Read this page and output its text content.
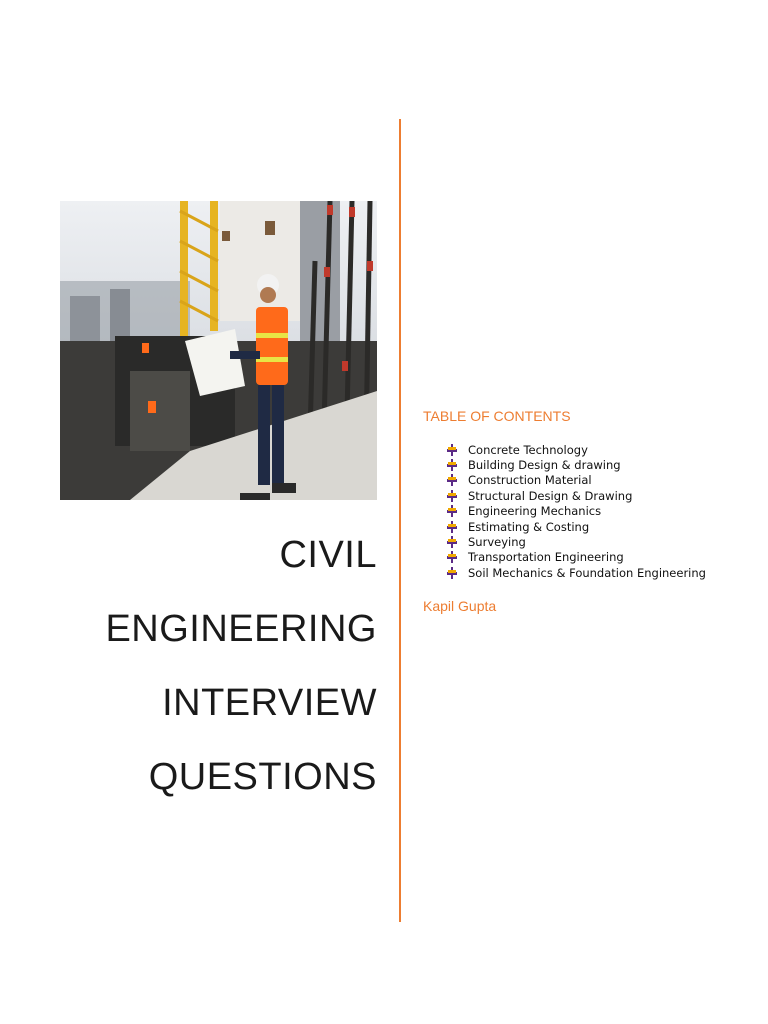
CIVIL
ENGINEERING
INTERVIEW
QUESTIONS
TABLE OF CONTENTS
Concrete Technology
Building Design & drawing
Construction Material
Structural Design & Drawing
Engineering Mechanics
Estimating & Costing
Surveying
Transportation Engineering
Soil Mechanics & Foundation Engineering
Kapil Gupta
